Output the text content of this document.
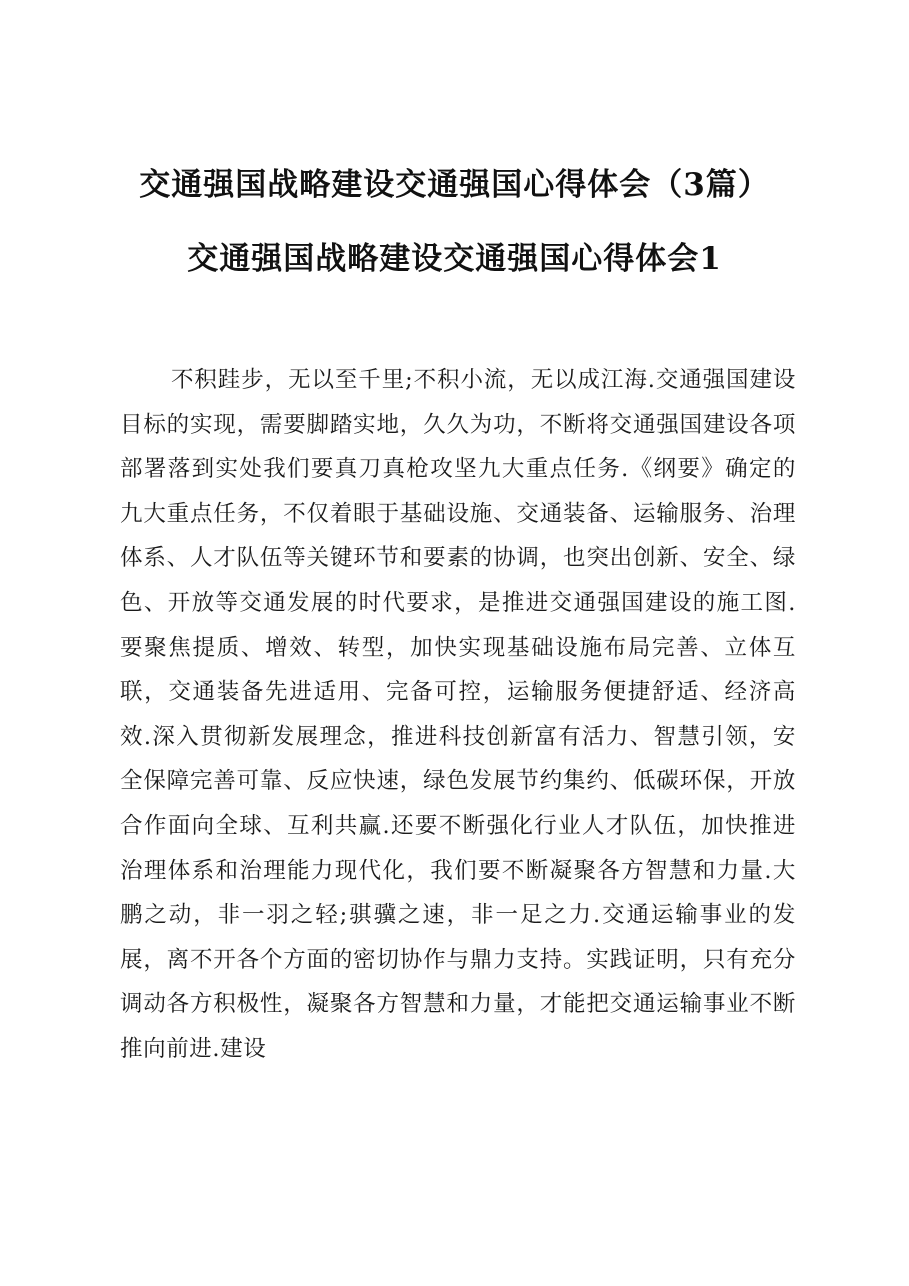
交通强国战略建设交通强国心得体会（3篇）
交通强国战略建设交通强国心得体会1

不积跬步，无以至千里;不积小流，无以成江海.交通强国建设目标的实现，需要脚踏实地，久久为功，不断将交通强国建设各项部署落到实处我们要真刀真枪攻坚九大重点任务.《纲要》确定的九大重点任务，不仅着眼于基础设施、交通装备、运输服务、治理体系、人才队伍等关键环节和要素的协调，也突出创新、安全、绿色、开放等交通发展的时代要求，是推进交通强国建设的施工图.要聚焦提质、增效、转型，加快实现基础设施布局完善、立体互联，交通装备先进适用、完备可控，运输服务便捷舒适、经济高效.深入贯彻新发展理念，推进科技创新富有活力、智慧引领，安全保障完善可靠、反应快速，绿色发展节约集约、低碳环保，开放合作面向全球、互利共赢.还要不断强化行业人才队伍，加快推进治理体系和治理能力现代化，我们要不断凝聚各方智慧和力量.大鹏之动，非一羽之轻;骐骥之速，非一足之力.交通运输事业的发展，离不开各个方面的密切协作与鼎力支持。实践证明，只有充分调动各方积极性，凝聚各方智慧和力量，才能把交通运输事业不断推向前进.建设
